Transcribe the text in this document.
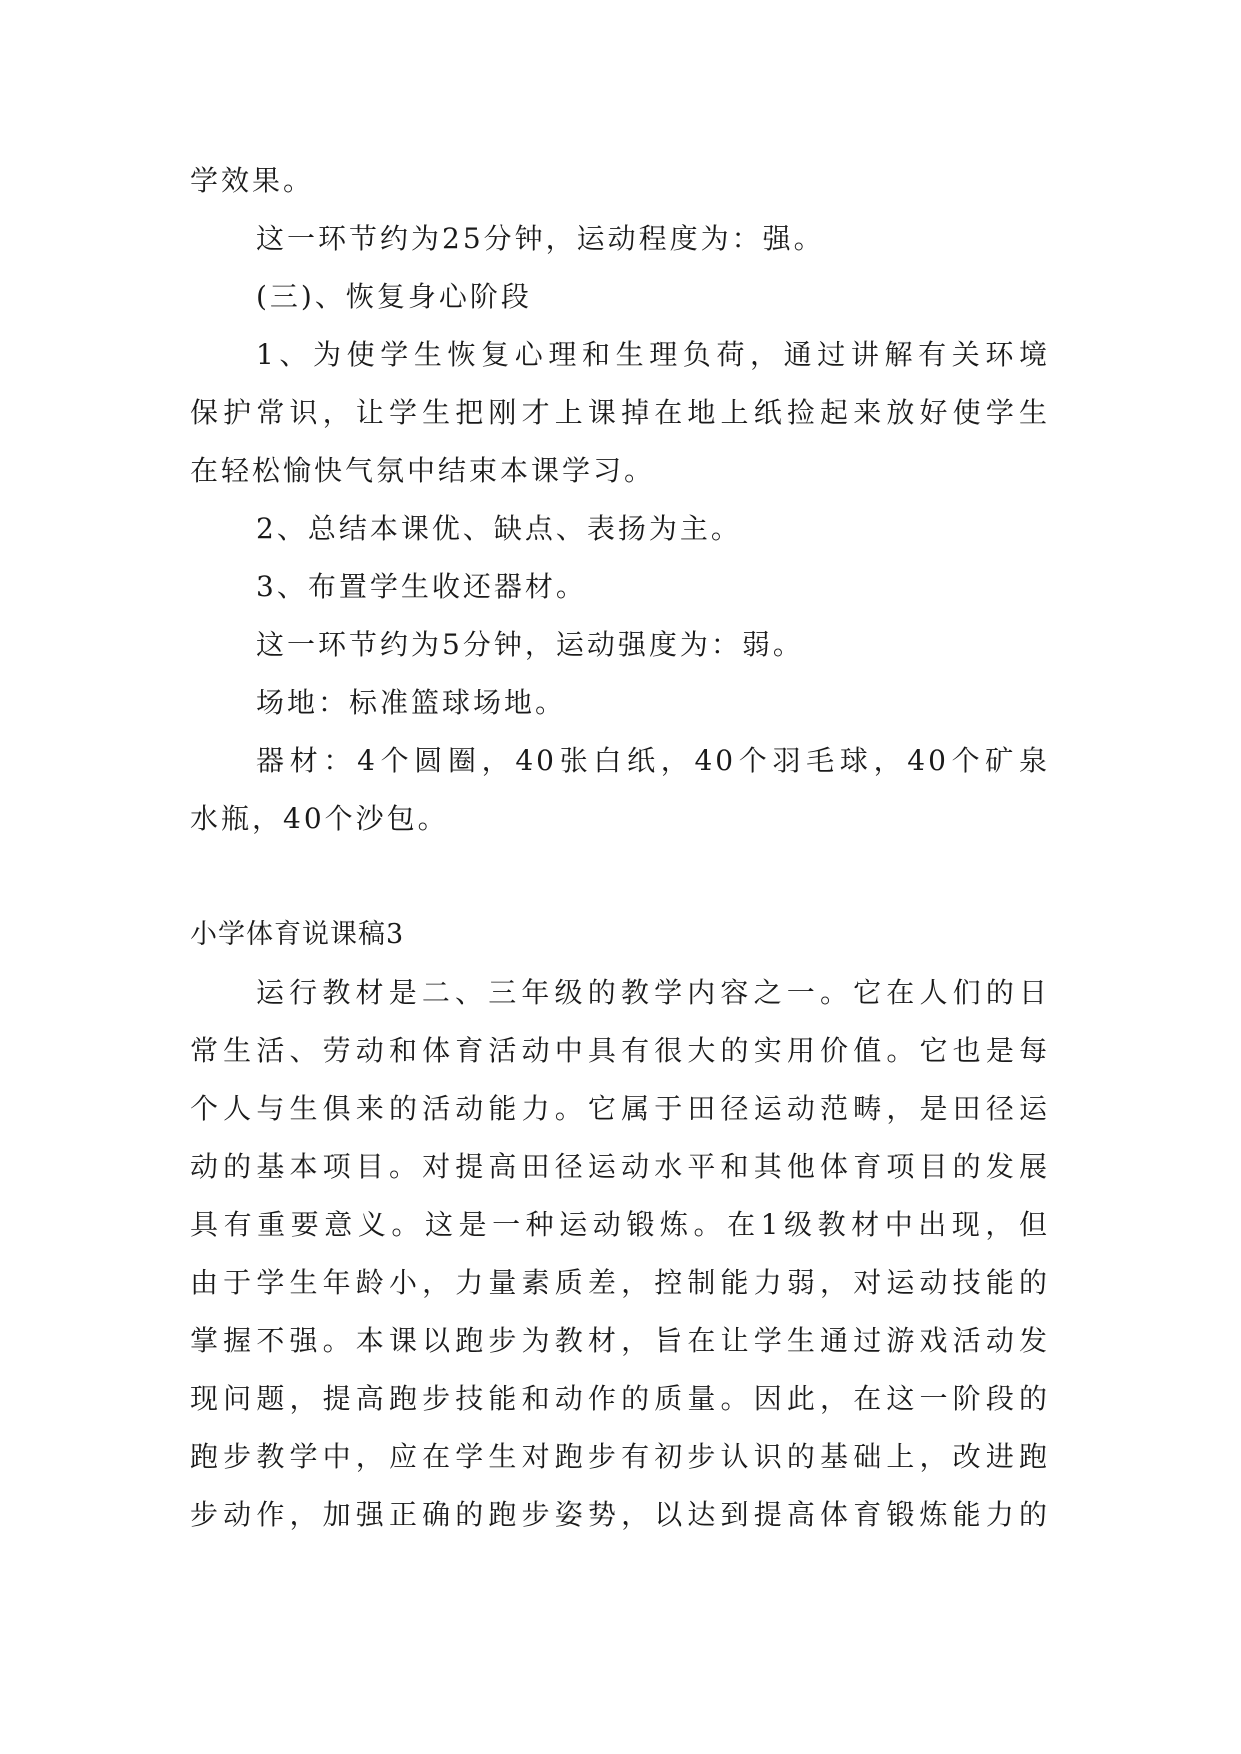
学效果。
这一环节约为25分钟，运动程度为：强。
(三)、恢复身心阶段
1、为使学生恢复心理和生理负荷，通过讲解有关环境
保护常识，让学生把刚才上课掉在地上纸捡起来放好使学生
在轻松愉快气氛中结束本课学习。
2、总结本课优、缺点、表扬为主。
3、布置学生收还器材。
这一环节约为5分钟，运动强度为：弱。
场地：标准篮球场地。
器材：4个圆圈，40张白纸，40个羽毛球，40个矿泉
水瓶，40个沙包。
小学体育说课稿3
运行教材是二、三年级的教学内容之一。它在人们的日
常生活、劳动和体育活动中具有很大的实用价值。它也是每
个人与生俱来的活动能力。它属于田径运动范畴，是田径运
动的基本项目。对提高田径运动水平和其他体育项目的发展
具有重要意义。这是一种运动锻炼。在1级教材中出现，但
由于学生年龄小，力量素质差，控制能力弱，对运动技能的
掌握不强。本课以跑步为教材，旨在让学生通过游戏活动发
现问题，提高跑步技能和动作的质量。因此，在这一阶段的
跑步教学中，应在学生对跑步有初步认识的基础上，改进跑
步动作，加强正确的跑步姿势，以达到提高体育锻炼能力的
